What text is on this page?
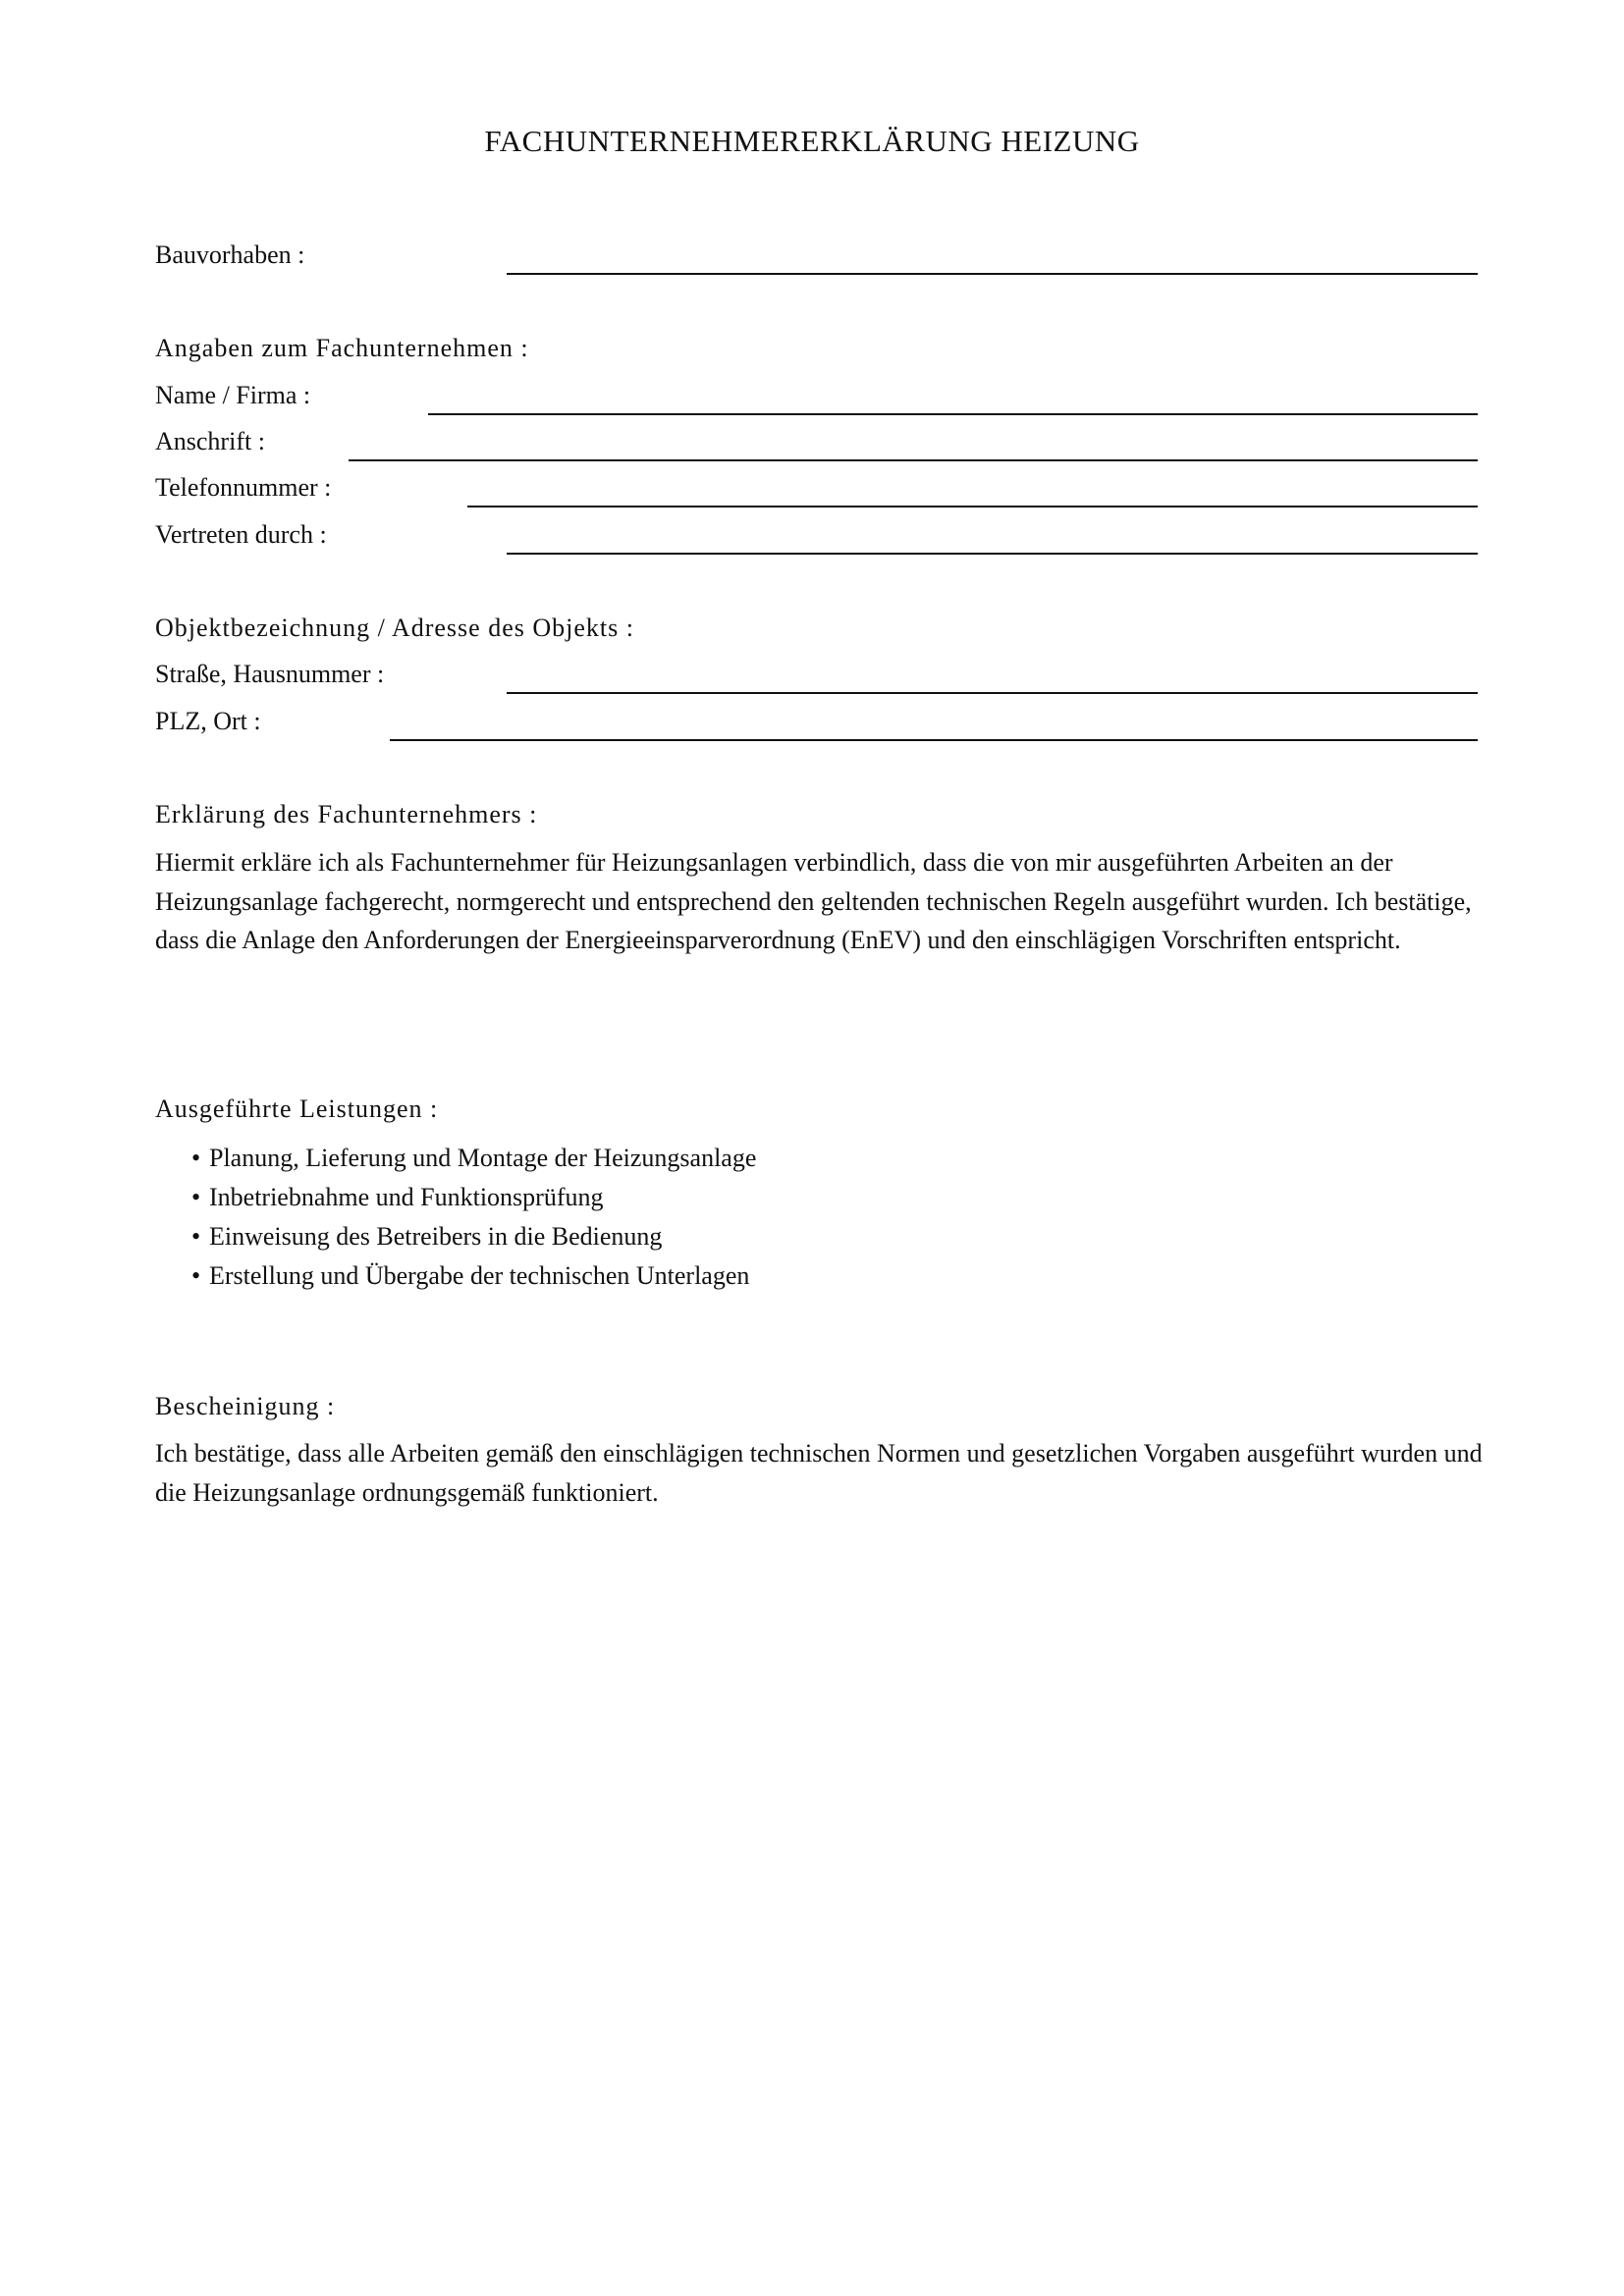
FACHUNTERNEHMERERKLÄRUNG HEIZUNG
Bauvorhaben :
Angaben zum Fachunternehmen :
Name / Firma :
Anschrift :
Telefonnummer :
Vertreten durch :
Objektbezeichnung / Adresse des Objekts :
Straße, Hausnummer :
PLZ, Ort :
Erklärung des Fachunternehmers :

Hiermit erkläre ich als Fachunternehmer für Heizungsanlagen verbindlich, dass die von mir ausgeführten Arbeiten an der Heizungsanlage fachgerecht, normgerecht und entsprechend den geltenden technischen Regeln ausgeführt wurden. Ich bestätige, dass die Anlage den Anforderungen der Energieeinsparverordnung (EnEV) und den einschlägigen Vorschriften entspricht.

Ausgeführte Leistungen :
• Planung, Lieferung und Montage der Heizungsanlage
• Inbetriebnahme und Funktionsprüfung
• Einweisung des Betreibers in die Bedienung
• Erstellung und Übergabe der technischen Unterlagen
Bescheinigung :

Ich bestätige, dass alle Arbeiten gemäß den einschlägigen technischen Normen und gesetzlichen Vorgaben ausgeführt wurden und die Heizungsanlage ordnungsgemäß funktioniert.
